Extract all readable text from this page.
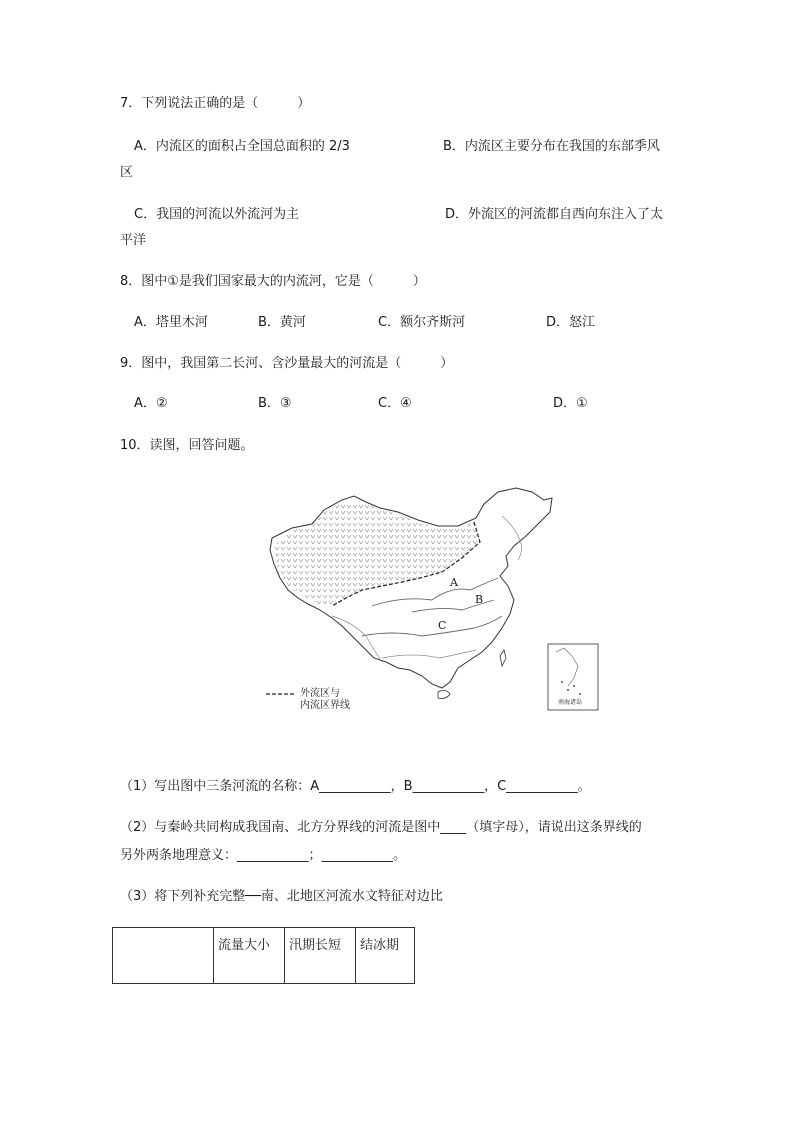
7．下列说法正确的是（　　　）
A．内流区的面积占全国总面积的 2/3	B．内流区主要分布在我国的东部季风
区
C．我国的河流以外流河为主	D．外流区的河流都自西向东注入了太
平洋
8．图中①是我们国家最大的内流河，它是（　　　）
A．塔里木河	B．黄河	C．额尔齐斯河	D．怒江
9．图中，我国第二长河、含沙量最大的河流是（　　　）
A．②	B．③	C．④	D．①
10．读图，回答问题。
A
B
C
外流区与
内流区界线	南海诸岛
（1）写出图中三条河流的名称：A___________，B___________，C___________。
（2）与秦岭共同构成我国南、北方分界线的河流是图中____（填字母），请说出这条界线的
另外两条地理意义：___________；___________。
（3）将下列补充完整──南、北地区河流水文特征对边比
	流量大小	汛期长短	结冰期
